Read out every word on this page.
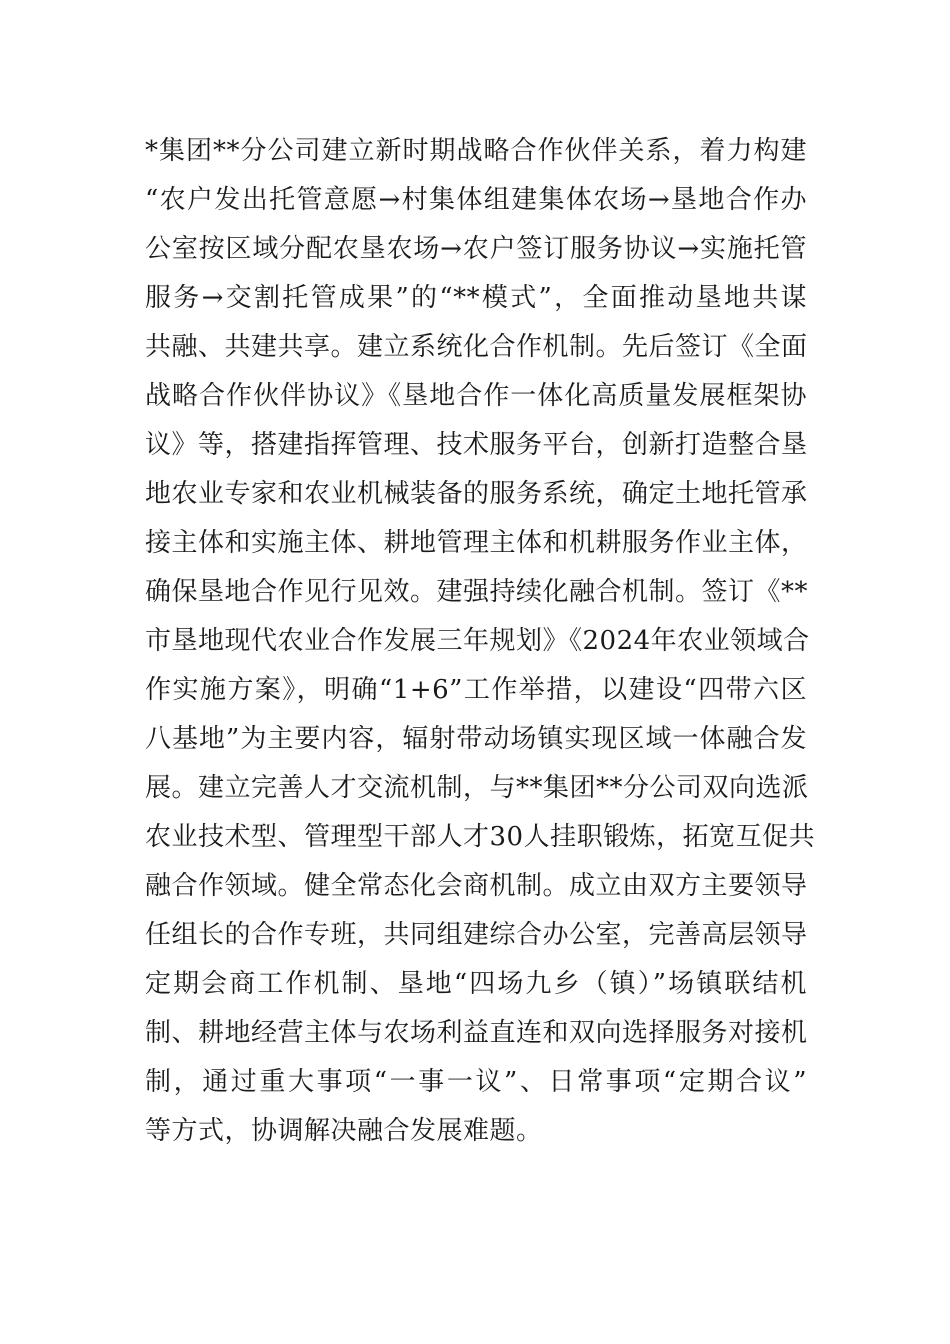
*集团**分公司建立新时期战略合作伙伴关系，着力构建
“农户发出托管意愿→村集体组建集体农场→垦地合作办
公室按区域分配农垦农场→农户签订服务协议→实施托管
服务→交割托管成果”的“**模式”，全面推动垦地共谋
共融、共建共享。建立系统化合作机制。先后签订《全面
战略合作伙伴协议》《垦地合作一体化高质量发展框架协
议》等，搭建指挥管理、技术服务平台，创新打造整合垦
地农业专家和农业机械装备的服务系统，确定土地托管承
接主体和实施主体、耕地管理主体和机耕服务作业主体，
确保垦地合作见行见效。建强持续化融合机制。签订《**
市垦地现代农业合作发展三年规划》《2024年农业领域合
作实施方案》，明确“1+6”工作举措，以建设“四带六区
八基地”为主要内容，辐射带动场镇实现区域一体融合发
展。建立完善人才交流机制，与**集团**分公司双向选派
农业技术型、管理型干部人才30人挂职锻炼，拓宽互促共
融合作领域。健全常态化会商机制。成立由双方主要领导
任组长的合作专班，共同组建综合办公室，完善高层领导
定期会商工作机制、垦地“四场九乡（镇）”场镇联结机
制、耕地经营主体与农场利益直连和双向选择服务对接机
制，通过重大事项“一事一议”、日常事项“定期合议”
等方式，协调解决融合发展难题。
